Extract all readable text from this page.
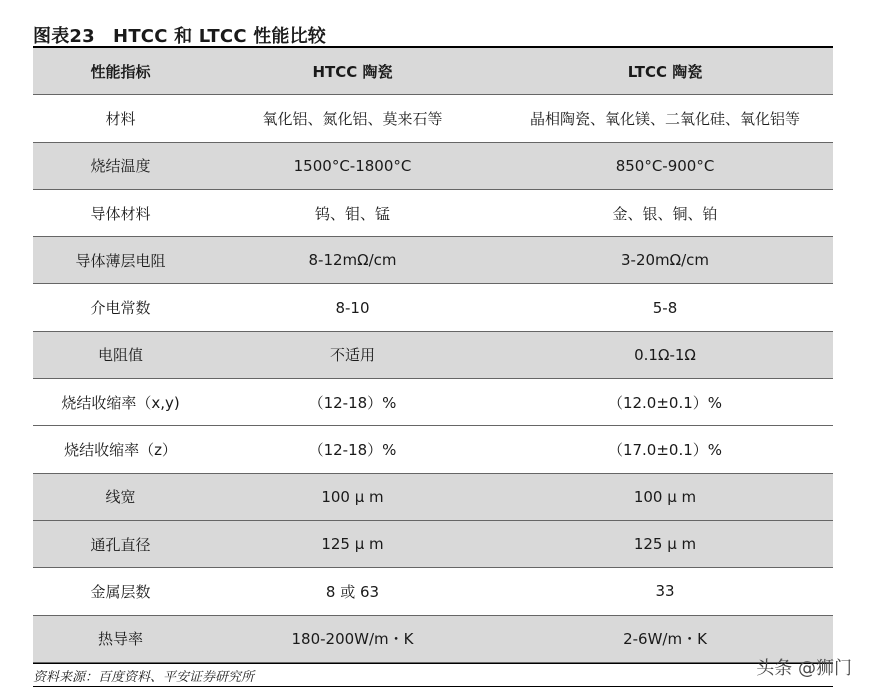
图表23　HTCC 和 LTCC 性能比较
性能指标	HTCC 陶瓷	LTCC 陶瓷
材料	氧化铝、氮化铝、莫来石等	晶相陶瓷、氧化镁、二氧化硅、氧化铝等
烧结温度	1500°C-1800°C	850°C-900°C
导体材料	钨、钼、锰	金、银、铜、铂
导体薄层电阻	8-12mΩ/cm	3-20mΩ/cm
介电常数	8-10	5-8
电阻值	不适用	0.1Ω-1Ω
烧结收缩率（x,y)	（12-18）%	（12.0±0.1）%
烧结收缩率（z）	（12-18）%	（17.0±0.1）%
线宽	100 μ m	100 μ m
通孔直径	125 μ m	125 μ m
金属层数	8 或 63	33
热导率	180-200W/m・K	2-6W/m・K
资料来源：百度资料、平安证券研究所	头条 @狮门
